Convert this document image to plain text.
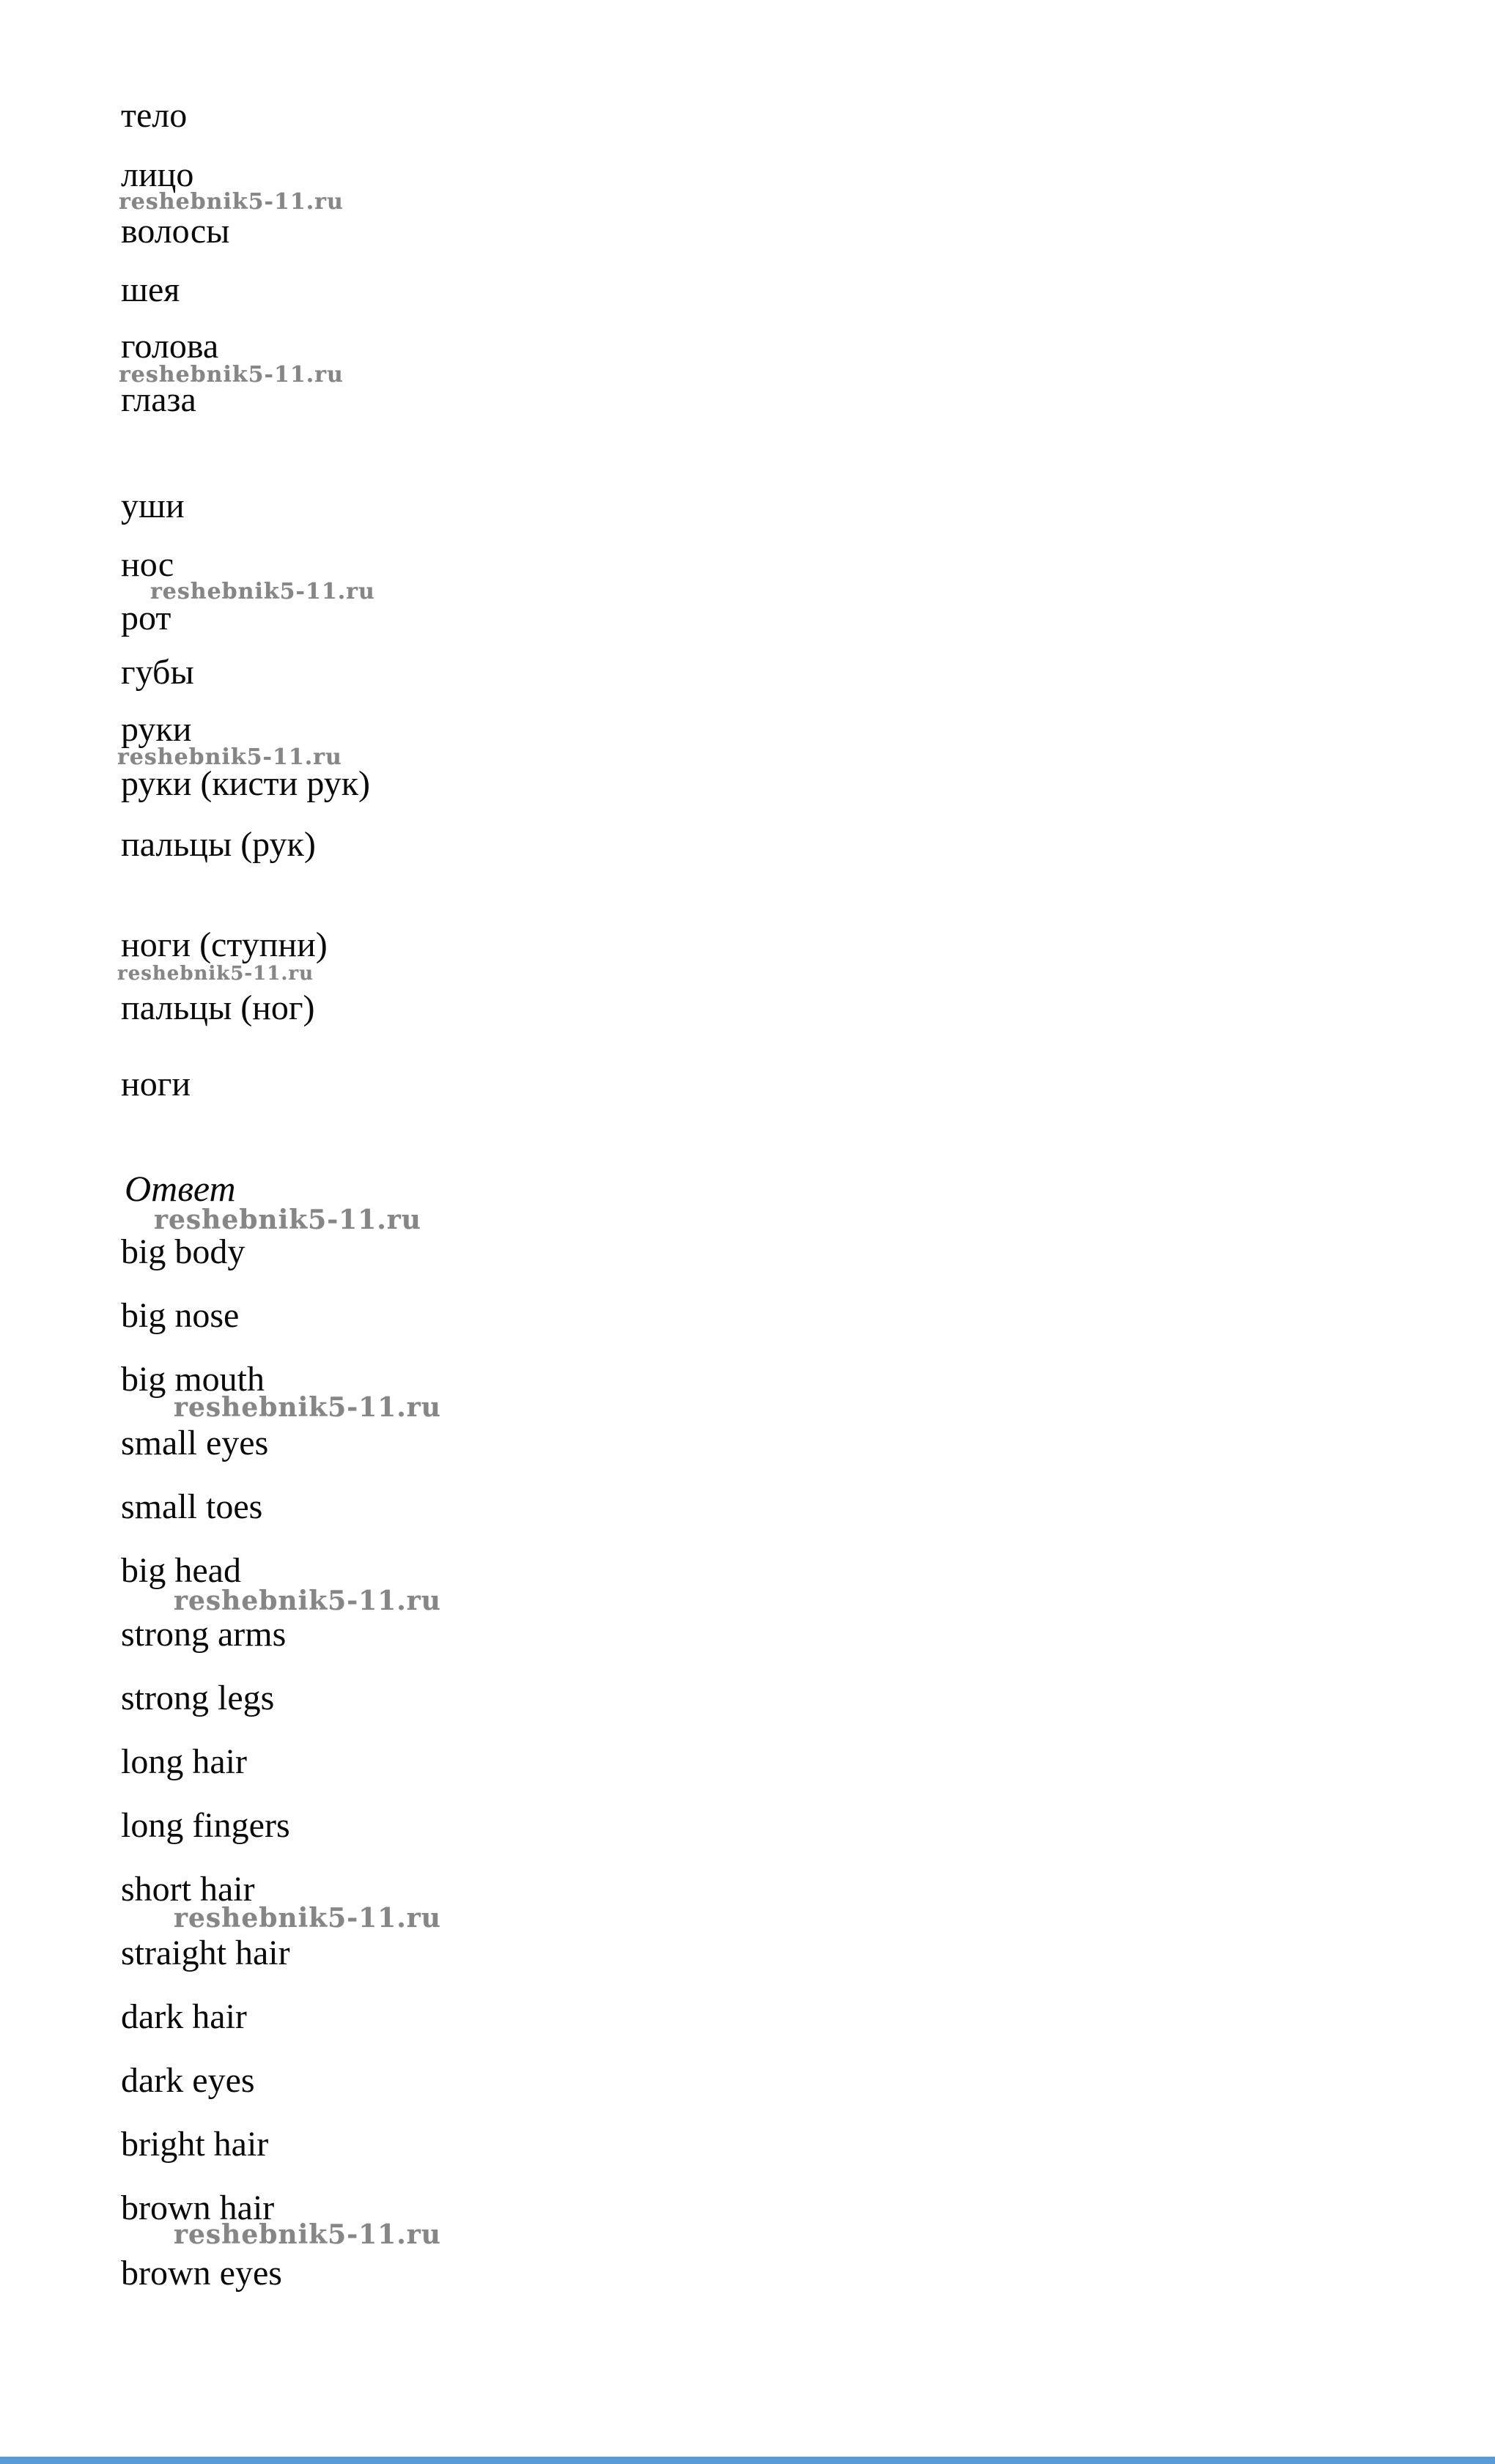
тело
лицо
reshebnik5-11.ru
волосы
шея
голова
reshebnik5-11.ru
глаза
уши
нос
reshebnik5-11.ru
рот
губы
руки
reshebnik5-11.ru
руки (кисти рук)
пальцы (рук)
ноги (ступни)
reshebnik5-11.ru
пальцы (ног)
ноги
Ответ
reshebnik5-11.ru
big body
big nose
big mouth
reshebnik5-11.ru
small eyes
small toes
big head
reshebnik5-11.ru
strong arms
strong legs
long hair
long fingers
short hair
reshebnik5-11.ru
straight hair
dark hair
dark eyes
bright hair
brown hair
reshebnik5-11.ru
brown eyes
